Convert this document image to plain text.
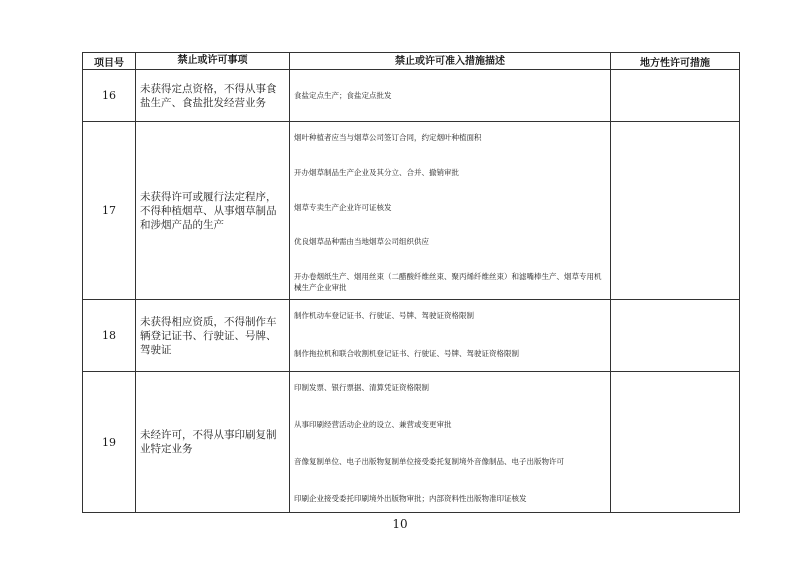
项目号	禁止或许可事项	禁止或许可准入措施描述	地方性许可措施
16	未获得定点资格，不得从事食盐生产、食盐批发经营业务	食盐定点生产；食盐定点批发	

17	未获得许可或履行法定程序，不得种植烟草、从事烟草制品和涉烟产品的生产	烟叶种植者应当与烟草公司签订合同，约定烟叶种植面积
开办烟草制品生产企业及其分立、合并、撤销审批
烟草专卖生产企业许可证核发
优良烟草品种需由当地烟草公司组织供应
开办卷烟纸生产、烟用丝束（二醋酸纤维丝束、聚丙烯纤维丝束）和滤嘴棒生产、烟草专用机械生产企业审批	

18	未获得相应资质，不得制作车辆登记证书、行驶证、号牌、驾驶证	制作机动车登记证书、行驶证、号牌、驾驶证资格限制
制作拖拉机和联合收割机登记证书、行驶证、号牌、驾驶证资格限制	

19	未经许可，不得从事印刷复制业特定业务	印制发票、银行票据、清算凭证资格限制
从事印刷经营活动企业的设立、兼营或变更审批
音像复制单位、电子出版物复制单位接受委托复制境外音像制品、电子出版物许可
印刷企业接受委托印刷境外出版物审批；内部资料性出版物准印证核发	

10
